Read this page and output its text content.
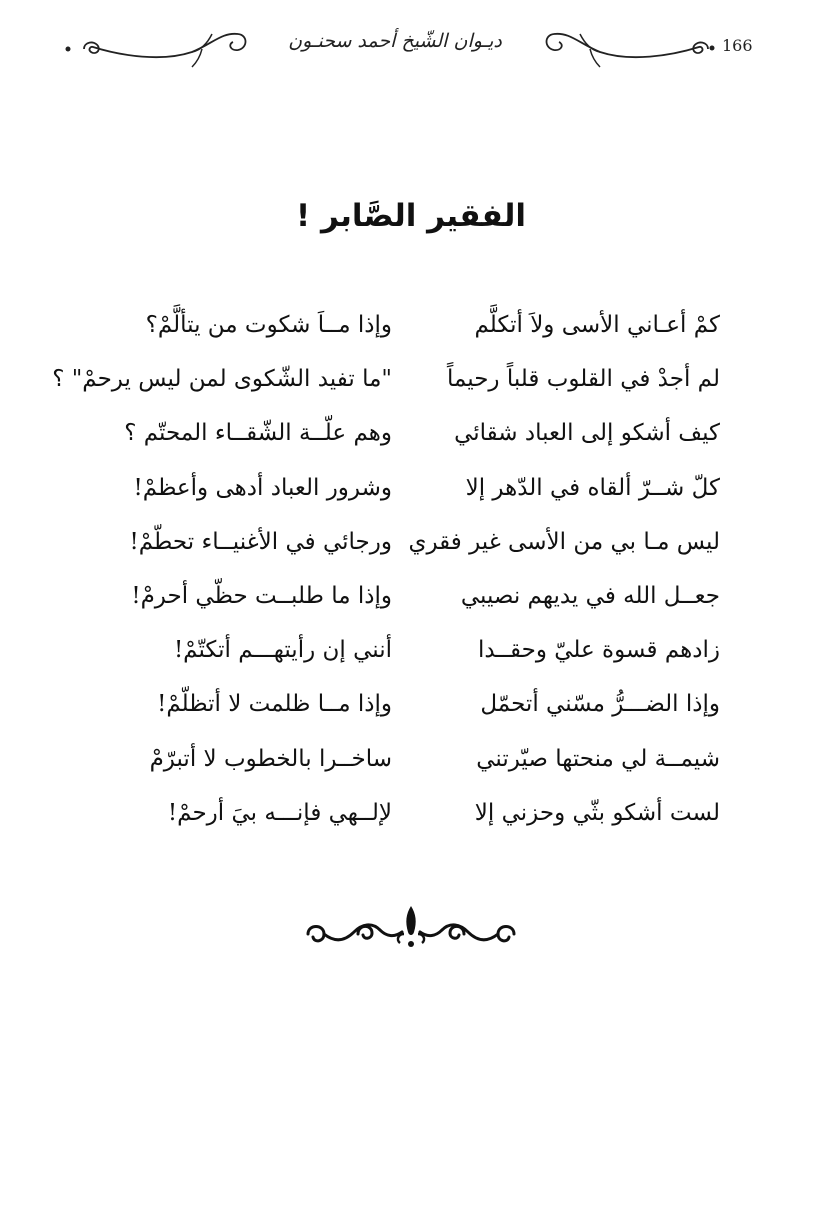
ديـوان الشّيخ أحمد سحنـون	166
الفقير الصَّابر !
كمْ أعـاني الأسى ولاَ أتكلَّم
وإذا مــاَ شكوت من يتألَّمْ؟
لم أجدْ في القلوب قلباً رحيماً
"ما تفيد الشّكوى لمن ليس يرحمْ" ؟
كيف أشكو إلى العباد شقائي
وهم علّــة الشّقــاء المحتّم ؟
كلّ شــرّ ألقاه في الدّهر إلا
وشرور العباد أدهى وأعظمْ!
ليس مـا بي من الأسى غير فقري
ورجائي في الأغنيــاء تحطّمْ!
جعــل الله في يديهم نصيبي
وإذا ما طلبــت حظّي أحرمْ!
زادهم قسوة عليّ وحقــدا
أنني إن رأيتهـــم أتكتّمْ!
وإذا الضـــرُّ مسّني أتحمّل
وإذا مــا ظلمت لا أتظلّمْ!
شيمــة لي منحتها صيّرتني
ساخــرا بالخطوب لا أتبرّمْ
لست أشكو بثّي وحزني إلا
لإلــهي فإنـــه بيَ أرحمْ!
